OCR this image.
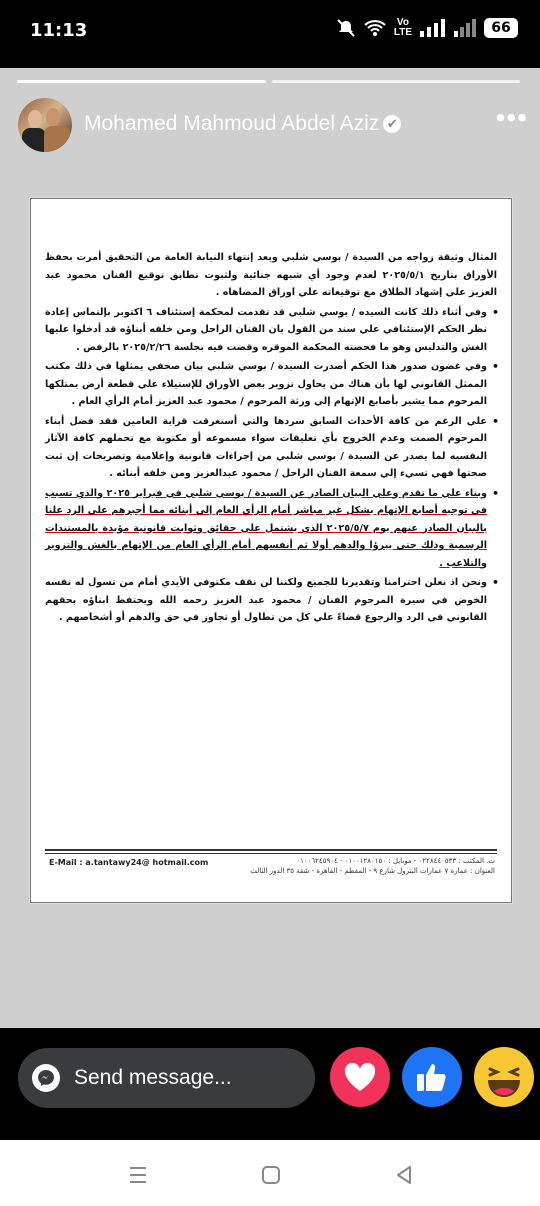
11:13	Vo
LTE	66
Mohamed Mahmoud Abdel Aziz ✔	•••

المثال وثيقة زواجه من السيدة / بوسي شلبي وبعد إنتهاء النيابة العامة من التحقيق أمرت بحفظ الأوراق بتاريخ ٢٠٢٥/٥/١ لعدم وجود أي شبهه جنائية ولثبوت تطابق توقيع الفنان محمود عبد العزيز علي إشهاد الطلاق مع توقيعاته علي اوراق المضاهاه .

• وفي أثناء ذلك كانت السيده / بوسي شلبي قد تقدمت لمحكمة إستئناف ٦ اكتوبر بإلتماس إعادة نظر الحكم الإستئنافي علي سند من القول بان الفنان الراحل ومن خلفه أبناؤه قد أدخلوا عليها الغش والتدليس وهو ما فحصته المحكمة الموقره وقضت فيه بجلسة ٢٠٢٥/٢/٢٦ بالرفض .

• وفي غضون صدور هذا الحكم أصدرت السيدة / بوسي شلبي بيان صحفي يمثلها في ذلك مكتب الممثل القانوني لها بأن هناك من يحاول تزوير بعض الأوراق للإستيلاء علي قطعة أرض يمتلكها المرحوم مما يشير بأصابع الإتهام إلي ورثة المرحوم / محمود عبد العزيز أمام الرأي العام .

• علي الرغم من كافة الأحداث السابق سردها والتي أستغرقت قرابة العامين فقد فضل أبناء المرحوم الصمت وعدم الخروج بأي تعليقات سواء مسموعه أو مكتوبة مع تحملهم كافة الآثار النفسيه لما يصدر عن السيدة / بوسي شلبي من إجراءات قانونية وإعلامية وتصريحات إن ثبت صحتها فهي تسيء إلي سمعة الفنان الراحل / محمود عبدالعزيز ومن خلفه أبنائه .

• وبناء علي ما تقدم وعلي البيان الصادر عن السيدة / بوسي شلبي في فبراير ٢٠٢٥ والذي تسبب في توجيه أصابع الإتهام بشكل غير مباشر أمام الرأي العام إلي أبنائه مما أجبرهم علي الرد علنا بالبيان الصادر عنهم يوم ٢٠٢٥/٥/٧ الذي يشتمل علي حقائق وثوابت قانونية مؤيدة بالمستندات الرسمية وذلك حتي يبرؤا والدهم أولا ثم أنفسهم أمام الرأي العام من الإتهام بالغش والتزوير والتلاعب .

• ونحن اذ نعلن احترامنا وتقديرنا للجميع ولكننا لن نقف مكتوفي الأيدي أمام من تسول له نفسه الخوض في سيرة المرحوم الفنان / محمود عبد العزيز رحمه الله ويحتفظ ابناؤه بحقهم القانوني في الرد والرجوع قضاءً علي كل من تطاول أو تجاوز في حق والدهم أو أشخاصهم .

E-Mail : a.tantawy24@ hotmail.com	ت. المكتب : ٠٢٢٨٤٤٠٥٣٣ - موبايل : ٠١٠٠١٢٨٠١٥٠ - ٠١٠٠٦٢٤٥٩٠٤
العنوان : عمارة ٧ عمارات البترول شارع ٩ - المقطم - القاهرة - شقة ٣٥ الدور الثالث
Send message...
